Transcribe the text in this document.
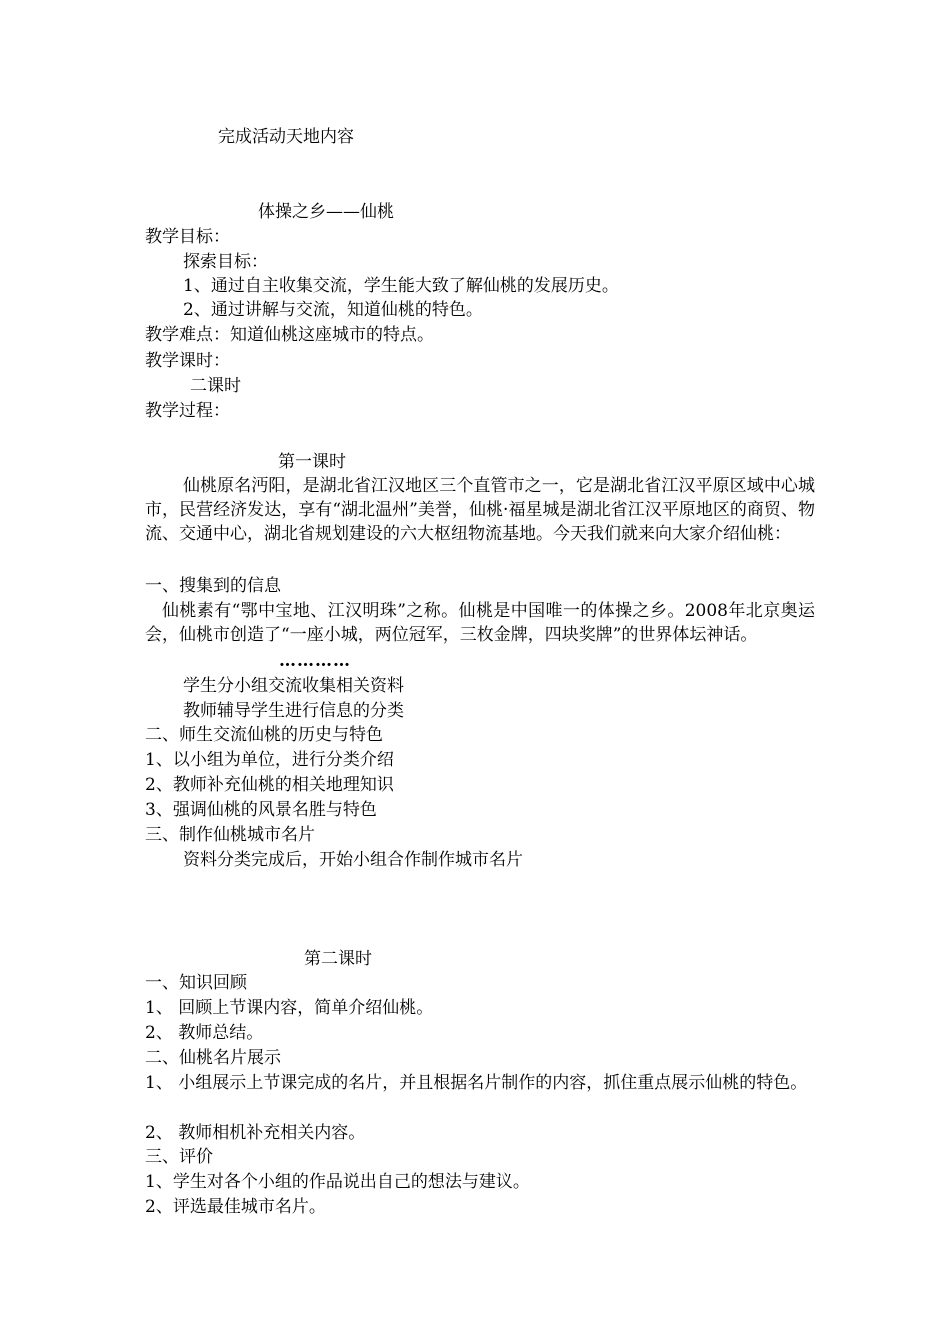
完成活动天地内容
体操之乡——仙桃
教学目标：
探索目标：
1、通过自主收集交流，学生能大致了解仙桃的发展历史。
2、通过讲解与交流，知道仙桃的特色。
教学难点：知道仙桃这座城市的特点。
教学课时：
二课时
教学过程：
第一课时
仙桃原名沔阳，是湖北省江汉地区三个直管市之一，它是湖北省江汉平原区域中心城市，民营经济发达，享有“湖北温州”美誉，仙桃·福星城是湖北省江汉平原地区的商贸、物流、交通中心，湖北省规划建设的六大枢纽物流基地。今天我们就来向大家介绍仙桃：
一、搜集到的信息
仙桃素有“鄂中宝地、江汉明珠”之称。仙桃是中国唯一的体操之乡。2008年北京奥运会，仙桃市创造了“一座小城，两位冠军，三枚金牌，四块奖牌”的世界体坛神话。
…………
学生分小组交流收集相关资料
教师辅导学生进行信息的分类
二、师生交流仙桃的历史与特色
1、以小组为单位，进行分类介绍
2、教师补充仙桃的相关地理知识
3、强调仙桃的风景名胜与特色
三、制作仙桃城市名片
资料分类完成后，开始小组合作制作城市名片
第二课时
一、知识回顾
1、 回顾上节课内容，简单介绍仙桃。
2、 教师总结。
二、仙桃名片展示
1、 小组展示上节课完成的名片，并且根据名片制作的内容，抓住重点展示仙桃的特色。
2、 教师相机补充相关内容。
三、评价
1、学生对各个小组的作品说出自己的想法与建议。
2、评选最佳城市名片。
